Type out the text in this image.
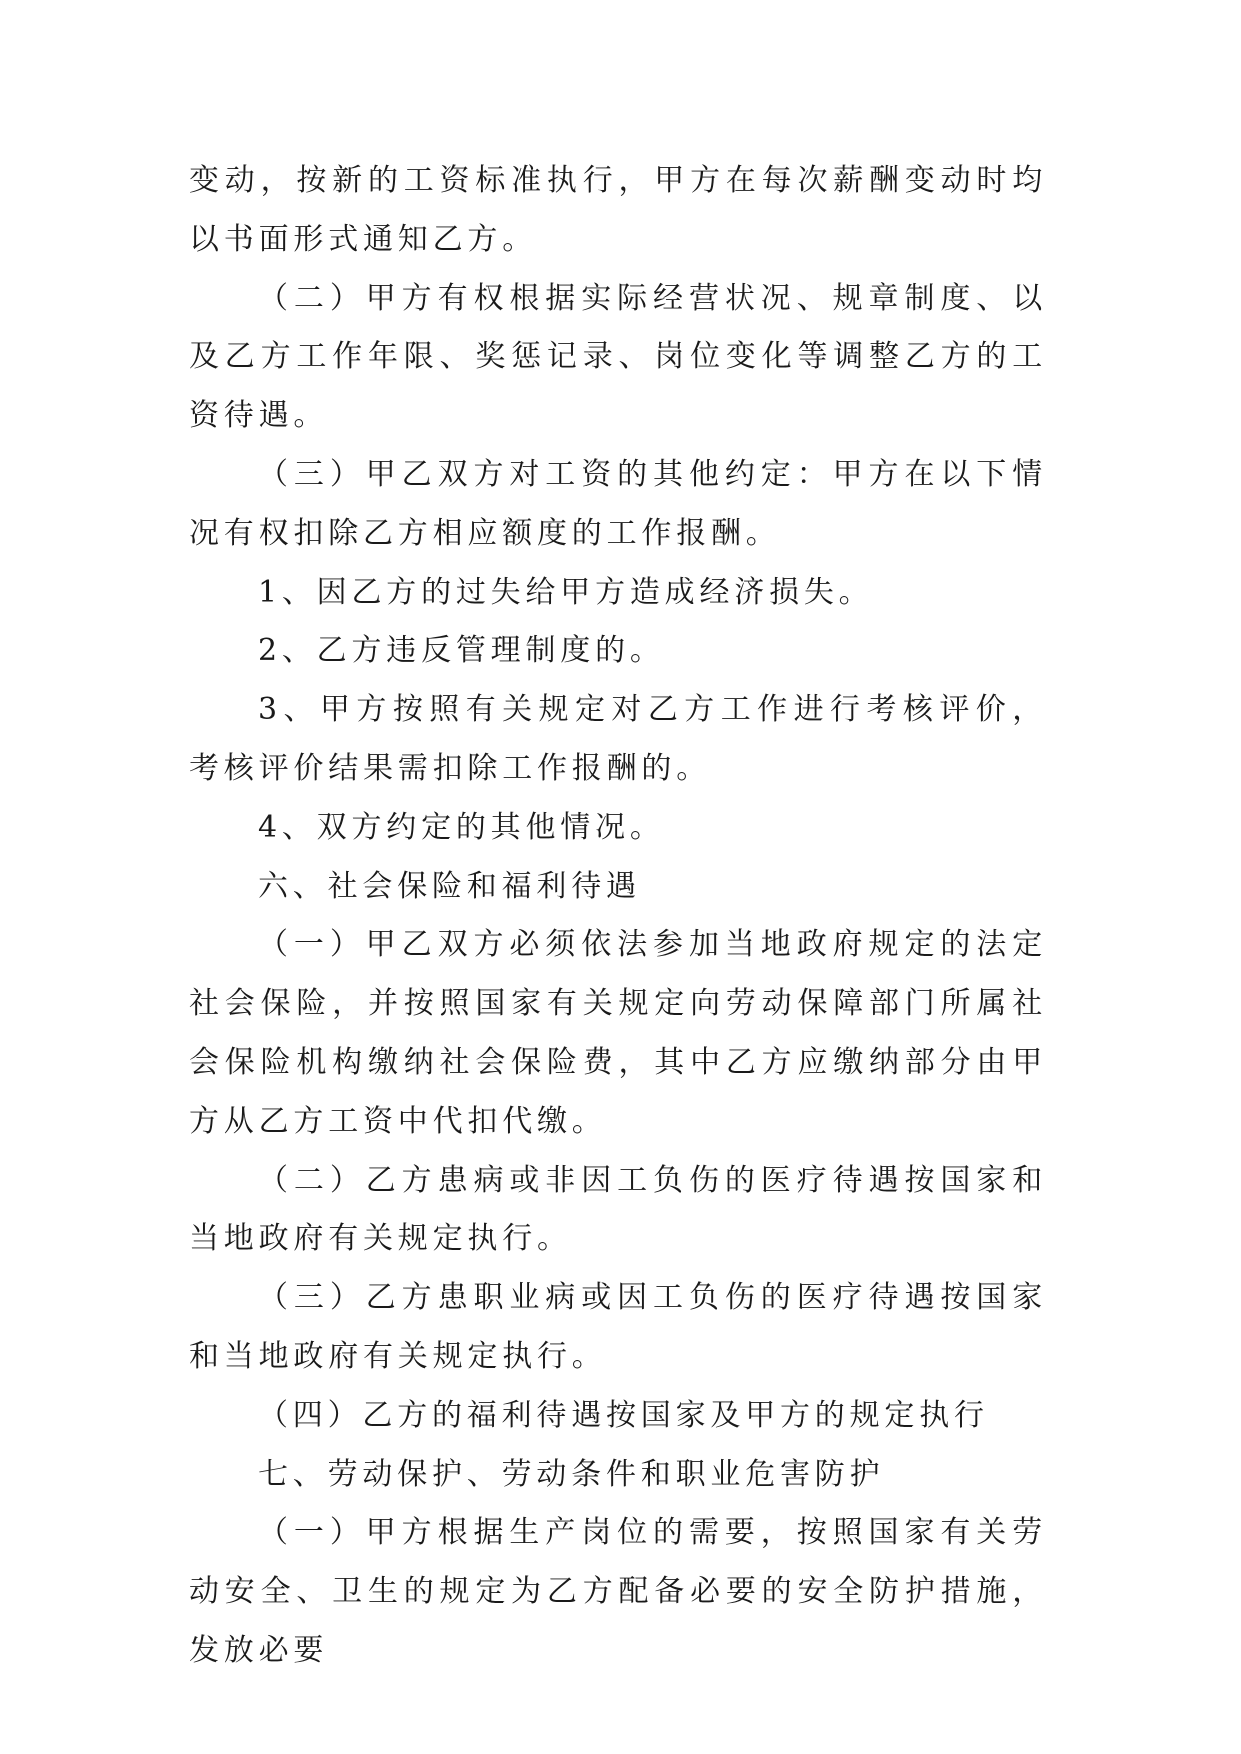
变动，按新的工资标准执行，甲方在每次薪酬变动时均以书面形式通知乙方。

（二）甲方有权根据实际经营状况、规章制度、以及乙方工作年限、奖惩记录、岗位变化等调整乙方的工资待遇。

（三）甲乙双方对工资的其他约定：甲方在以下情况有权扣除乙方相应额度的工作报酬。

1、因乙方的过失给甲方造成经济损失。

2、乙方违反管理制度的。

3、甲方按照有关规定对乙方工作进行考核评价，考核评价结果需扣除工作报酬的。

4、双方约定的其他情况。

六、社会保险和福利待遇

（一）甲乙双方必须依法参加当地政府规定的法定社会保险，并按照国家有关规定向劳动保障部门所属社会保险机构缴纳社会保险费，其中乙方应缴纳部分由甲方从乙方工资中代扣代缴。

（二）乙方患病或非因工负伤的医疗待遇按国家和当地政府有关规定执行。

（三）乙方患职业病或因工负伤的医疗待遇按国家和当地政府有关规定执行。

（四）乙方的福利待遇按国家及甲方的规定执行

七、劳动保护、劳动条件和职业危害防护

（一）甲方根据生产岗位的需要，按照国家有关劳动安全、卫生的规定为乙方配备必要的安全防护措施，发放必要
